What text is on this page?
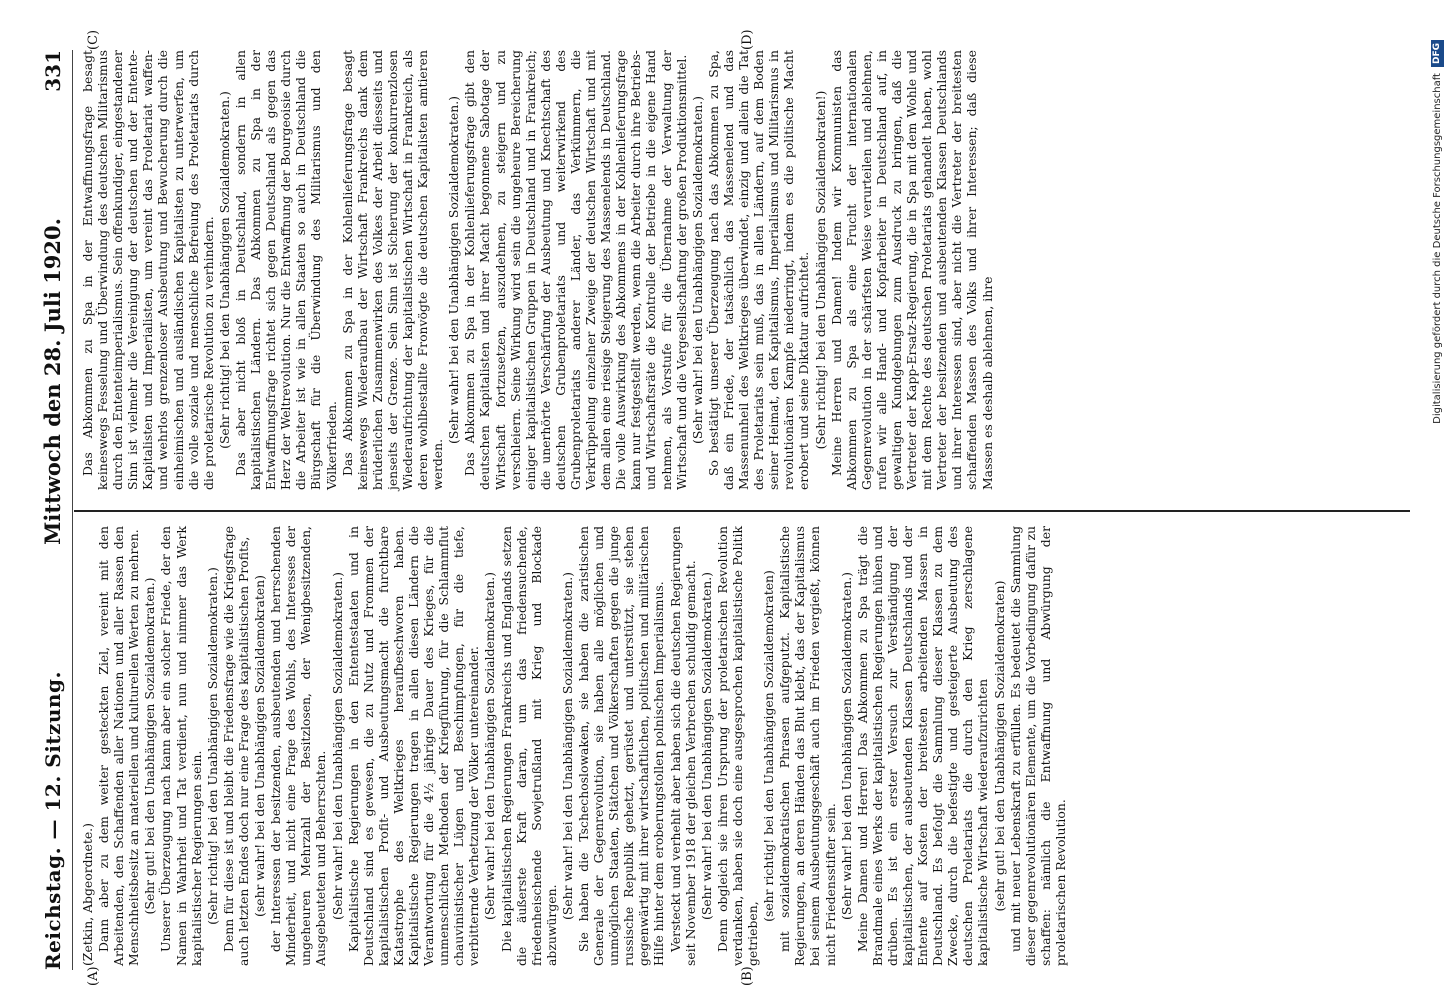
Reichstag. — 12. Sitzung.
Mittwoch den 28. Juli 1920.
331
(A)	(B)
(C)	(D)

(Zetkin, Abgeordnete.) Dann aber zu dem weiter gesteckten Ziel, vereint mit den Arbeitenden, den Schaffenden aller Nationen und aller Rassen den Menschheitsbesitz an materiellen und kulturellen Werten zu mehren. (Sehr gut! bei den Unabhängigen Sozialdemokraten.) Unserer Überzeugung nach kann aber ein solcher Friede, der den Namen in Wahrheit und Tat verdient, nun und nimmer das Werk kapitalistischer Regierungen sein. (Sehr richtig! bei den Unabhängigen Sozialdemokraten.) Denn für diese ist und bleibt die Friedensfrage wie die Kriegsfrage auch letzten Endes doch nur eine Frage des kapitalistischen Profits, (sehr wahr! bei den Unabhängigen Sozialdemokraten) der Interessen der besitzenden, ausbeutenden und herrschenden Minderheit, und nicht eine Frage des Wohls, des Interesses der ungeheuren Mehrzahl der Besitzlosen, der Wenigbesitzenden, Ausgebeuteten und Beherrschten. (Sehr wahr! bei den Unabhängigen Sozialdemokraten.) Kapitalistische Regierungen in den Ententestaaten und in Deutschland sind es gewesen, die zu Nutz und Frommen der kapitalistischen Profit- und Ausbeutungsmacht die furchtbare Katastrophe des Weltkrieges heraufbeschworen haben. Kapitalistische Regierungen tragen in allen diesen Ländern die Verantwortung für die 4½ jährige Dauer des Krieges, für die unmenschlichen Methoden der Kriegführung, für die Schlammflut chauvinistischer Lügen und Beschimpfungen, für die tiefe, verbitternde Verhetzung der Völker untereinander. (Sehr wahr! bei den Unabhängigen Sozialdemokraten.) Die kapitalistischen Regierungen Frankreichs und Englands setzen die äußerste Kraft daran, um das friedensuchende, friedenheischende Sowjetrußland mit Krieg und Blockade abzuwürgen.

(Sehr wahr! bei den Unabhängigen Sozialdemokraten.) Sie haben die Tschechoslowaken, sie haben die zaristischen Generale der Gegenrevolution, sie haben alle möglichen und unmöglichen Staaten, Stätchen und Völkerschaften gegen die junge russische Republik gehetzt, gerüstet und unterstützt, sie stehen gegenwärtig mit ihrer wirtschaftlichen, politischen und militärischen Hilfe hinter dem eroberungstollen polnischen Imperialismus. Versteckt und verhehlt aber haben sich die deutschen Regierungen seit November 1918 der gleichen Verbrechen schuldig gemacht. (Sehr wahr! bei den Unabhängigen Sozialdemokraten.) Denn obgleich sie ihren Ursprung der proletarischen Revolution verdanken, haben sie doch eine ausgesprochen kapitalistische Politik getrieben,

(sehr richtig! bei den Unabhängigen Sozialdemokraten) mit sozialdemokratischen Phrasen aufgeputzt. Kapitalistische Regierungen, an deren Händen das Blut klebt, das der Kapitalismus bei seinem Ausbeutungsgeschäft auch im Frieden vergießt, können nicht Friedensstifter sein. (Sehr wahr! bei den Unabhängigen Sozialdemokraten.) Meine Damen und Herren! Das Abkommen zu Spa trägt die Brandmale eines Werks der kapitalistischen Regierungen hüben und drüben. Es ist ein erster Versuch zur Verständigung der kapitalistischen, der ausbeutenden Klassen Deutschlands und der Entente auf Kosten der breitesten arbeitenden Massen in Deutschland. Es befolgt die Sammlung dieser Klassen zu dem Zwecke, durch die befestigte und gesteigerte Ausbeutung des deutschen Proletariats die durch den Krieg zerschlagene kapitalistische Wirtschaft wiederaufzurichten (sehr gut! bei den Unabhängigen Sozialdemokraten) und mit neuer Lebenskraft zu erfüllen. Es bedeutet die Sammlung dieser gegenrevolutionären Elemente, um die Vorbedingung dafür zu schaffen: nämlich die Entwaffnung und Abwürgung der proletarischen Revolution.

Das Abkommen zu Spa in der Entwaffnungsfrage besagt keineswegs Fesselung und Überwindung des deutschen Militarismus durch den Ententeimperialismus. Sein offenkundiger, eingestandener Sinn ist vielmehr die Vereinigung der deutschen und der Entente-Kapitalisten und Imperialisten, um vereint das Proletariat waffen- und wehrlos grenzenloser Ausbeutung und Bewucherung durch die einheimischen und ausländischen Kapitalisten zu unterwerfen, um die volle soziale und menschliche Befreiung des Proletariats durch die proletarische Revolution zu verhindern. (Sehr richtig! bei den Unabhängigen Sozialdemokraten.) Das aber nicht bloß in Deutschland, sondern in allen kapitalistischen Ländern. Das Abkommen zu Spa in der Entwaffnungsfrage richtet sich gegen Deutschland als gegen das Herz der Weltrevolution. Nur die Entwaffnung der Bourgeoisie durch die Arbeiter ist wie in allen Staaten so auch in Deutschland die Bürgschaft für die Überwindung des Militarismus und den Völkerfrieden. Das Abkommen zu Spa in der Kohlenlieferungsfrage besagt keineswegs Wiederaufbau der Wirtschaft Frankreichs dank dem brüderlichen Zusammenwirken des Volkes der Arbeit diesseits und jenseits der Grenze. Sein Sinn ist Sicherung der konkurrenzlosen Wiederaufrichtung der kapitalistischen Wirtschaft in Frankreich, als deren wohlbestallte Fronvögte die deutschen Kapitalisten amtieren werden.

(Sehr wahr! bei den Unabhängigen Sozialdemokraten.) Das Abkommen zu Spa in der Kohlenlieferungsfrage gibt den deutschen Kapitalisten und ihrer Macht begonnene Sabotage der Wirtschaft fortzusetzen, auszudehnen, zu steigern und zu verschleiern. Seine Wirkung wird sein die ungeheure Bereicherung einiger kapitalistischen Gruppen in Deutschland und in Frankreich; die unerhörte Verschärfung der Ausbeutung und Knechtschaft des deutschen Grubenproletariats und weiterwirkend des Grubenproletariats anderer Länder, das Verkümmern, die Verkrüppelung einzelner Zweige der deutschen Wirtschaft und mit dem allen eine riesige Steigerung des Massenelends in Deutschland. Die volle Auswirkung des Abkommens in der Kohlenlieferungsfrage kann nur festgestellt werden, wenn die Arbeiter durch ihre Betriebs- und Wirtschaftsräte die Kontrolle der Betriebe in die eigene Hand nehmen, als Vorstufe für die Übernahme der Verwaltung der Wirtschaft und die Vergesellschaftung der großen Produktionsmittel. (Sehr wahr! bei den Unabhängigen Sozialdemokraten.) So bestätigt unserer Überzeugung nach das Abkommen zu Spa, daß ein Friede, der tatsächlich das Massenelend und das Massenunheil des Weltkrieges überwindet, einzig und allein die Tat des Proletariats sein muß, das in allen Ländern, auf dem Boden seiner Heimat, den Kapitalismus, Imperialismus und Militarismus in revolutionären Kampfe niederringt, indem es die politische Macht erobert und seine Diktatur aufrichtet. (Sehr richtig! bei den Unabhängigen Sozialdemokraten!) Meine Herren und Damen! Indem wir Kommunisten das Abkommen zu Spa als eine Frucht der internationalen Gegenrevolution in der schärfsten Weise verurteilen und ablehnen, rufen wir alle Hand- und Kopfarbeiter in Deutschland auf, in gewaltigen Kundgebungen zum Ausdruck zu bringen, daß die Vertreter der Kapp-Ersatz-Regierung, die in Spa mit dem Wohle und mit dem Rechte des deutschen Proletariats gehandelt haben, wohl Vertreter der besitzenden und ausbeutenden Klassen Deutschlands und ihrer Interessen sind, aber nicht die Vertreter der breitesten schaffenden Massen des Volks und ihrer Interessen; daß diese Massen es deshalb ablehnen, ihre	Digitalisierung gefördert durch die Deutsche Forschungsgemeinschaft
DFG
